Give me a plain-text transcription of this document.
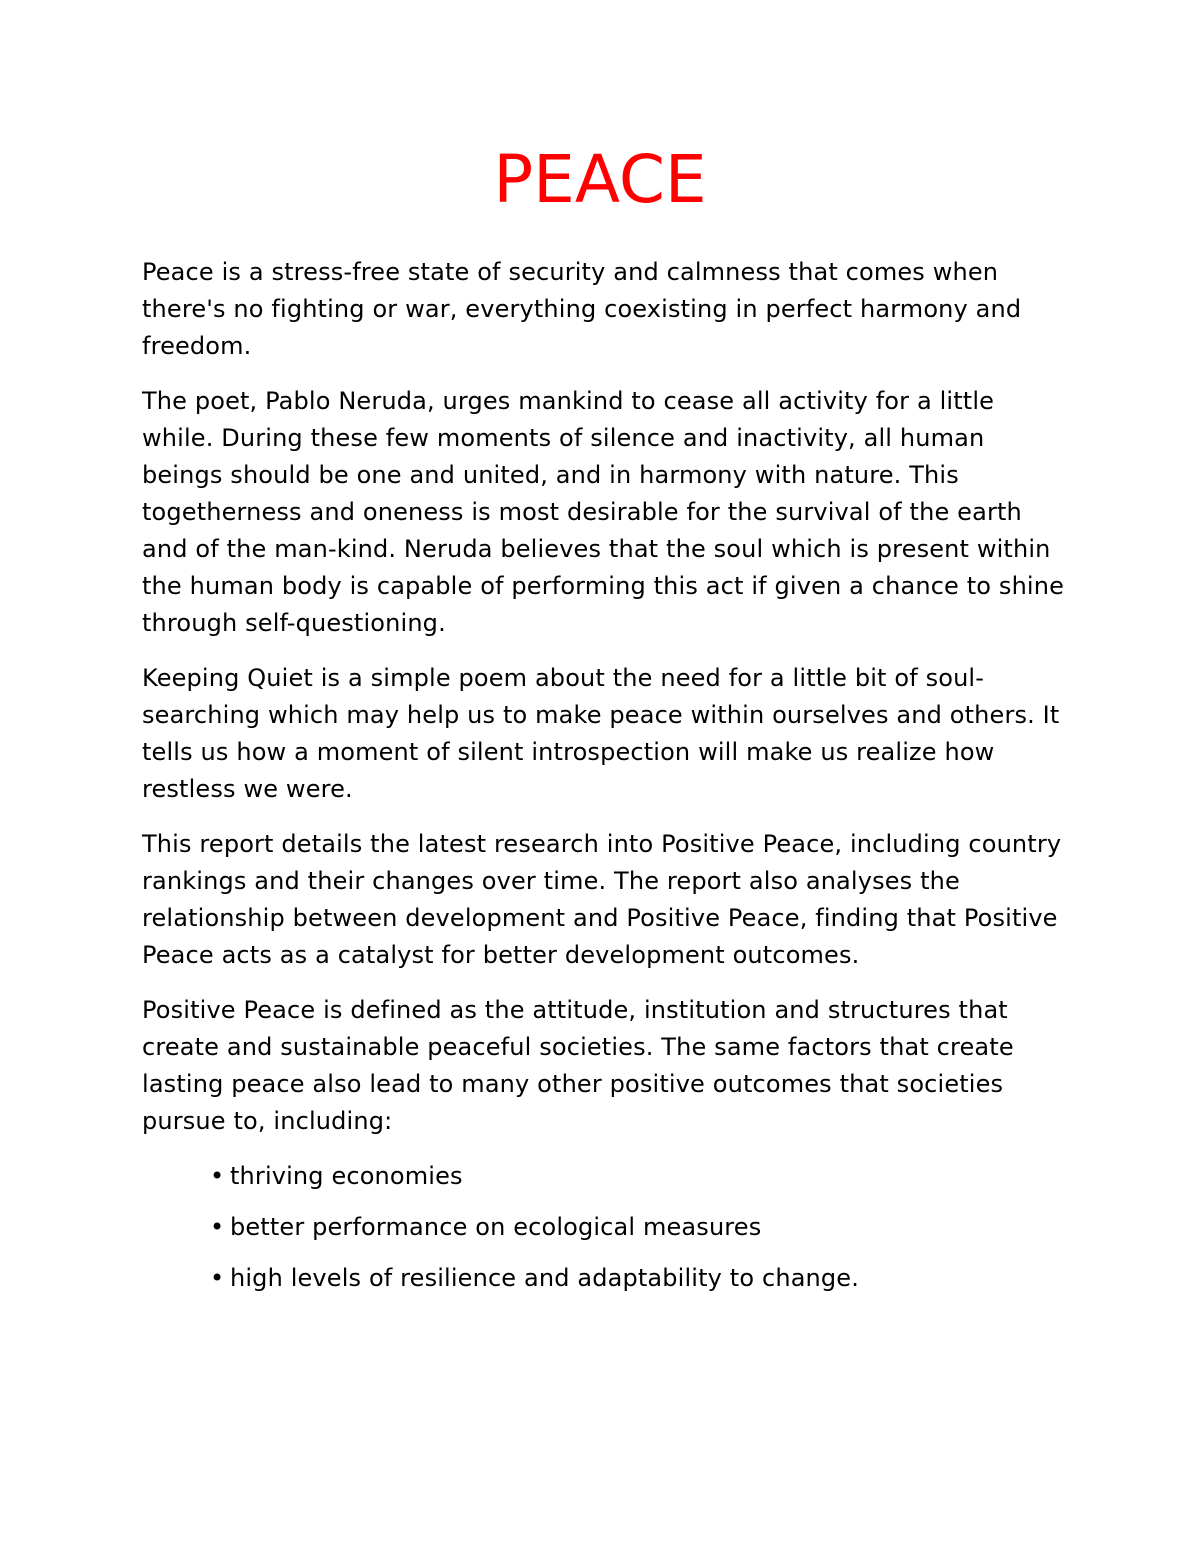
PEACE

Peace is a stress-free state of security and calmness that comes when there's no fighting or war, everything coexisting in perfect harmony and freedom.

The poet, Pablo Neruda, urges mankind to cease all activity for a little while. During these few moments of silence and inactivity, all human beings should be one and united, and in harmony with nature. This togetherness and oneness is most desirable for the survival of the earth and of the man-kind. Neruda believes that the soul which is present within the human body is capable of performing this act if given a chance to shine through self-questioning.

Keeping Quiet is a simple poem about the need for a little bit of soul-searching which may help us to make peace within ourselves and others. It tells us how a moment of silent introspection will make us realize how restless we were.

This report details the latest research into Positive Peace, including country rankings and their changes over time. The report also analyses the relationship between development and Positive Peace, finding that Positive Peace acts as a catalyst for better development outcomes.

Positive Peace is defined as the attitude, institution and structures that create and sustainable peaceful societies. The same factors that create lasting peace also lead to many other positive outcomes that societies pursue to, including:

• thriving economies
• better performance on ecological measures
• high levels of resilience and adaptability to change.
